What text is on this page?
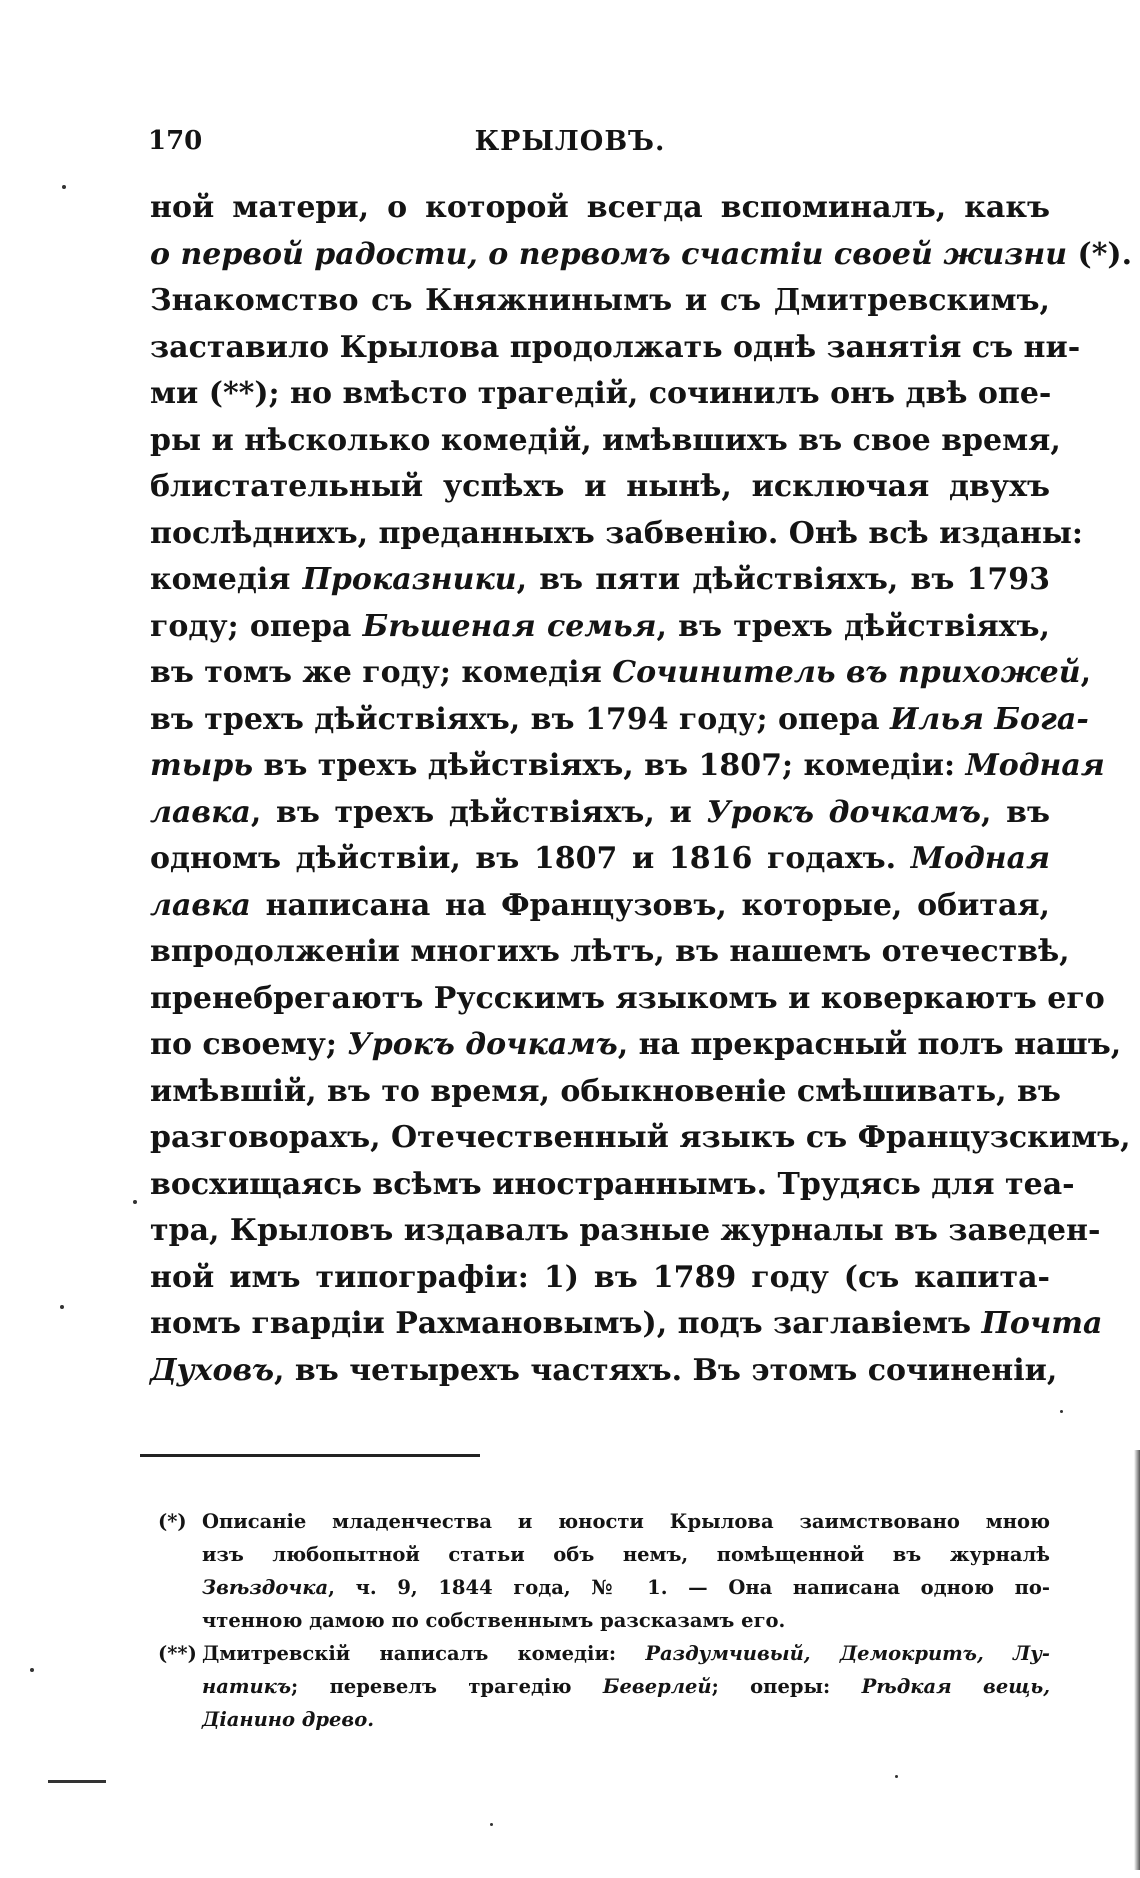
170	КРЫЛОВЪ.
ной матери, о которой всегда вспоминалъ, какъ
о первой радости, о первомъ счастіи своей жизни (*).
Знакомство съ Княжнинымъ и съ Дмитревскимъ,
заставило Крылова продолжать однѣ занятія съ ни-
ми (**); но вмѣсто трагедій, сочинилъ онъ двѣ опе-
ры и нѣсколько комедій, имѣвшихъ въ свое время,
блистательный успѣхъ и нынѣ, исключая двухъ
послѣднихъ, преданныхъ забвенію. Онѣ всѣ изданы:
комедія Проказники, въ пяти дѣйствіяхъ, въ 1793
году; опера Бѣшеная семья, въ трехъ дѣйствіяхъ,
въ томъ же году; комедія Сочинитель въ прихожей,
въ трехъ дѣйствіяхъ, въ 1794 году; опера Илья Бога-
тырь въ трехъ дѣйствіяхъ, въ 1807; комедіи: Модная
лавка, въ трехъ дѣйствіяхъ, и Урокъ дочкамъ, въ
одномъ дѣйствіи, въ 1807 и 1816 годахъ. Модная
лавка написана на Французовъ, которые, обитая,
впродолженіи многихъ лѣтъ, въ нашемъ отечествѣ,
пренебрегаютъ Русскимъ языкомъ и коверкаютъ его
по своему; Урокъ дочкамъ, на прекрасный полъ нашъ,
имѣвшій, въ то время, обыкновеніе смѣшивать, въ
разговорахъ, Отечественный языкъ съ Французскимъ,
восхищаясь всѣмъ иностраннымъ. Трудясь для теа-
тра, Крыловъ издавалъ разные журналы въ заведен-
ной имъ типографіи: 1) въ 1789 году (съ капита-
номъ гвардіи Рахмановымъ), подъ заглавіемъ Почта
Духовъ, въ четырехъ частяхъ. Въ этомъ сочиненіи,
(*) Описаніе младенчества и юности Крылова заимствовано мною
изъ любопытной статьи объ немъ, помѣщенной въ журналѣ
Звѣздочка, ч. 9, 1844 года, № 1. — Она написана одною по-
чтенною дамою по собственнымъ разсказамъ его.
(**) Дмитревскій написалъ комедіи: Раздумчивый, Демокритъ, Лу-
натикъ; перевелъ трагедію Беверлей; оперы: Рѣдкая вещь,
Діанино древо.
